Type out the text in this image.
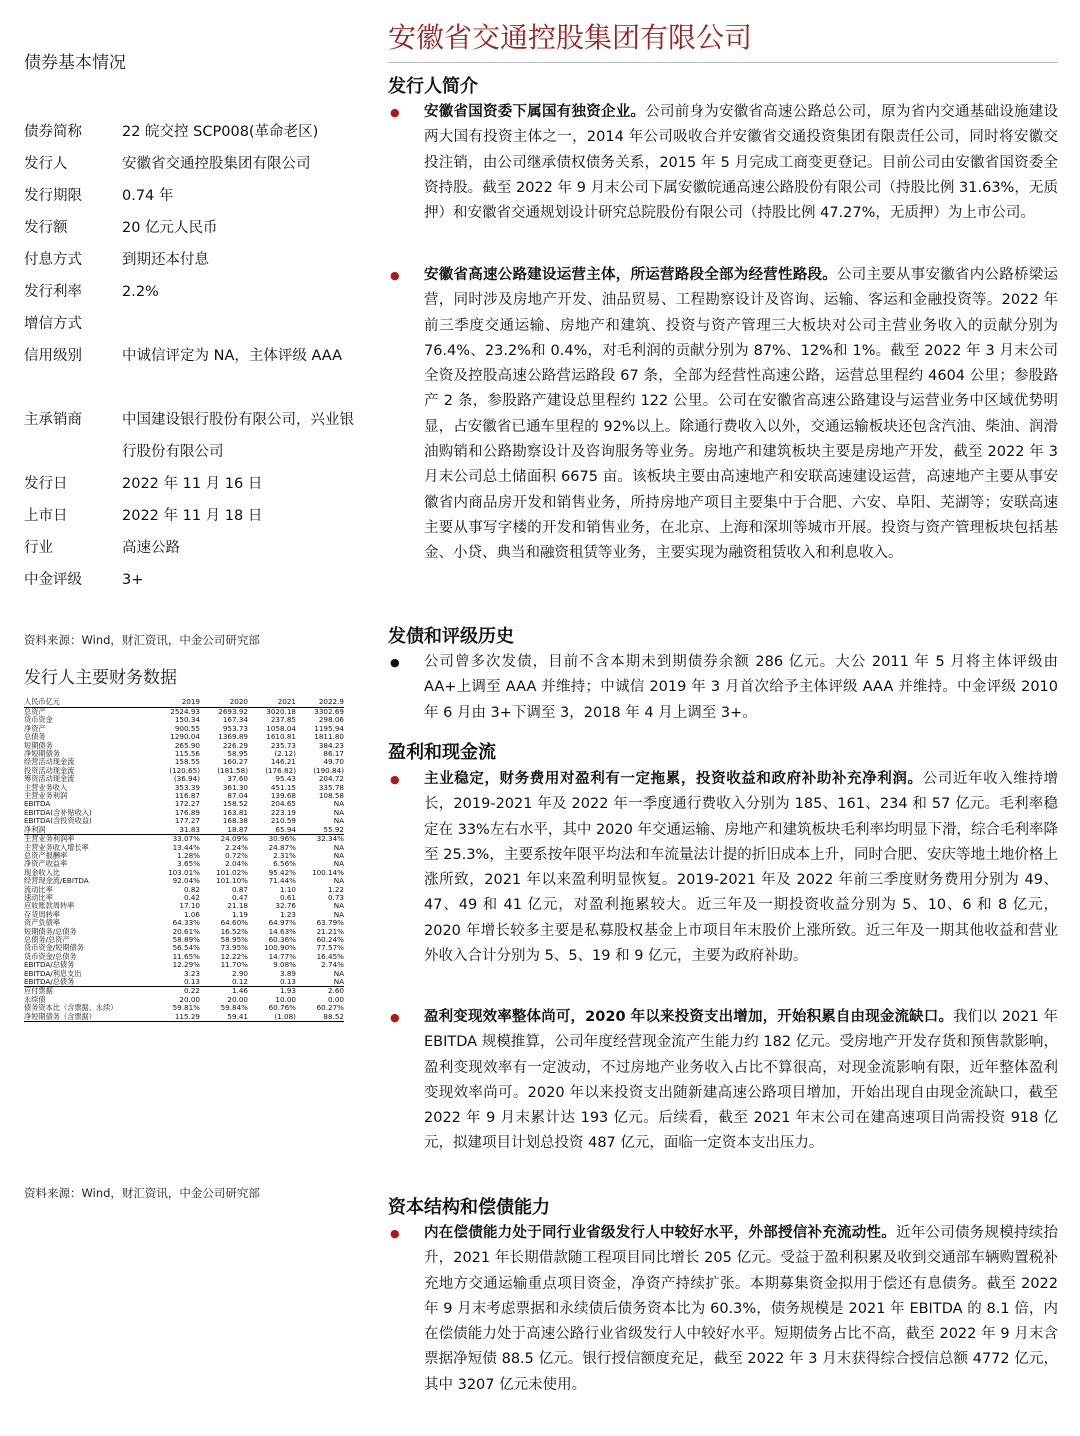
债券基本情况
债券简称	22 皖交控 SCP008(革命老区)
发行人	安徽省交通控股集团有限公司
发行期限	0.74 年
发行额	20 亿元人民币
付息方式	到期还本付息
发行利率	2.2%
增信方式
信用级别	中诚信评定为 NA，主体评级 AAA
主承销商	中国建设银行股份有限公司，兴业银行股份有限公司
发行日	2022 年 11 月 16 日
上市日	2022 年 11 月 18 日
行业	高速公路
中金评级	3+
资料来源：Wind，财汇资讯，中金公司研究部
发行人主要财务数据
人民币亿元	2019	2020	2021	2022.9
总资产	2524.93	2693.92	3020.18	3302.69
货币资金	150.34	167.34	237.85	298.06
净资产	900.55	953.73	1058.04	1195.94
总债务	1290.04	1369.89	1610.81	1811.80
短期债务	265.90	226.29	235.73	384.23
净短期债务	115.56	58.95	(2.12)	86.17
经营活动现金流	158.55	160.27	146.21	49.70
投资活动现金流	(120.65)	(181.58)	(176.82)	(190.84)
筹资活动现金流	(36.94)	37.60	95.43	204.72
主营业务收入	353.39	361.30	451.15	335.78
主营业务利润	116.87	87.04	139.68	108.58
EBITDA	172.27	158.52	204.65	NA
EBITDA(含补贴收入)	176.89	163.81	223.19	NA
EBITDA(含投资收益)	177.27	168.38	210.59	NA
净利润	31.83	18.87	65.94	55.92
主营业务利润率	33.07%	24.09%	30.96%	32.34%
主营业务收入增长率	13.44%	2.24%	24.87%	NA
总资产报酬率	1.28%	0.72%	2.31%	NA
净资产收益率	3.65%	2.04%	6.56%	NA
现金收入比	103.01%	101.02%	95.42%	100.14%
经营现金流/EBITDA	92.04%	101.10%	71.44%	NA
流动比率	0.82	0.87	1.10	1.22
速动比率	0.42	0.47	0.61	0.73
应收账款周转率	17.10	21.18	32.76	NA
存货周转率	1.06	1.19	1.23	NA
资产负债率	64.33%	64.60%	64.97%	63.79%
短期债务/总债务	20.61%	16.52%	14.63%	21.21%
总债务/总资产	58.89%	58.95%	60.36%	60.24%
货币资金/短期债务	56.54%	73.95%	100.90%	77.57%
货币资金/总债务	11.65%	12.22%	14.77%	16.45%
EBITDA/总债务	12.29%	11.70%	9.08%	2.74%
EBITDA/利息支出	3.23	2.90	3.89	NA
EBITDA/总债务	0.13	0.12	0.13	NA
应付票据	0.22	1.46	1.93	2.60
永续债	20.00	20.00	10.00	0.00
债务资本比（含票据、永续）	59.81%	59.84%	60.76%	60.27%
净短期债务（含票据）	115.29	59.41	(1.08)	88.52
资料来源：Wind，财汇资讯，中金公司研究部
安徽省交通控股集团有限公司
发行人简介
● 安徽省国资委下属国有独资企业。公司前身为安徽省高速公路总公司，原为省内交通基础设施建设两大国有投资主体之一，2014 年公司吸收合并安徽省交通投资集团有限责任公司，同时将安徽交投注销，由公司继承债权债务关系，2015 年 5 月完成工商变更登记。目前公司由安徽省国资委全资持股。截至 2022 年 9 月末公司下属安徽皖通高速公路股份有限公司（持股比例 31.63%，无质押）和安徽省交通规划设计研究总院股份有限公司（持股比例 47.27%，无质押）为上市公司。
● 安徽省高速公路建设运营主体，所运营路段全部为经营性路段。公司主要从事安徽省内公路桥梁运营，同时涉及房地产开发、油品贸易、工程勘察设计及咨询、运输、客运和金融投资等。2022 年前三季度交通运输、房地产和建筑、投资与资产管理三大板块对公司主营业务收入的贡献分别为 76.4%、23.2%和 0.4%，对毛利润的贡献分别为 87%、12%和 1%。截至 2022 年 3 月末公司全资及控股高速公路营运路段 67 条，全部为经营性高速公路，运营总里程约 4604 公里；参股路产 2 条，参股路产建设总里程约 122 公里。公司在安徽省高速公路建设与运营业务中区域优势明显，占安徽省已通车里程的 92%以上。除通行费收入以外，交通运输板块还包含汽油、柴油、润滑油购销和公路勘察设计及咨询服务等业务。房地产和建筑板块主要是房地产开发，截至 2022 年 3 月末公司总土储面积 6675 亩。该板块主要由高速地产和安联高速建设运营，高速地产主要从事安徽省内商品房开发和销售业务，所持房地产项目主要集中于合肥、六安、阜阳、芜湖等；安联高速主要从事写字楼的开发和销售业务，在北京、上海和深圳等城市开展。投资与资产管理板块包括基金、小贷、典当和融资租赁等业务，主要实现为融资租赁收入和利息收入。
发债和评级历史
● 公司曾多次发债，目前不含本期未到期债券余额 286 亿元。大公 2011 年 5 月将主体评级由 AA+上调至 AAA 并维持；中诚信 2019 年 3 月首次给予主体评级 AAA 并维持。中金评级 2010 年 6 月由 3+下调至 3，2018 年 4 月上调至 3+。
盈利和现金流
● 主业稳定，财务费用对盈利有一定拖累，投资收益和政府补助补充净利润。公司近年收入维持增长，2019-2021 年及 2022 年一季度通行费收入分别为 185、161、234 和 57 亿元。毛利率稳定在 33%左右水平，其中 2020 年交通运输、房地产和建筑板块毛利率均明显下滑，综合毛利率降至 25.3%，主要系按年限平均法和车流量法计提的折旧成本上升，同时合肥、安庆等地土地价格上涨所致，2021 年以来盈利明显恢复。2019-2021 年及 2022 年前三季度财务费用分别为 49、47、49 和 41 亿元，对盈利拖累较大。近三年及一期投资收益分别为 5、10、6 和 8 亿元，2020 年增长较多主要是私募股权基金上市项目年末股价上涨所致。近三年及一期其他收益和营业外收入合计分别为 5、5、19 和 9 亿元，主要为政府补助。
● 盈利变现效率整体尚可，2020 年以来投资支出增加，开始积累自由现金流缺口。我们以 2021 年 EBITDA 规模推算，公司年度经营现金流产生能力约 182 亿元。受房地产开发存货和预售款影响，盈利变现效率有一定波动，不过房地产业务收入占比不算很高，对现金流影响有限，近年整体盈利变现效率尚可。2020 年以来投资支出随新建高速公路项目增加，开始出现自由现金流缺口，截至 2022 年 9 月末累计达 193 亿元。后续看，截至 2021 年末公司在建高速项目尚需投资 918 亿元，拟建项目计划总投资 487 亿元，面临一定资本支出压力。
资本结构和偿债能力
● 内在偿债能力处于同行业省级发行人中较好水平，外部授信补充流动性。近年公司债务规模持续抬升，2021 年长期借款随工程项目同比增长 205 亿元。受益于盈利积累及收到交通部车辆购置税补充地方交通运输重点项目资金，净资产持续扩张。本期募集资金拟用于偿还有息债务。截至 2022 年 9 月末考虑票据和永续债后债务资本比为 60.3%，债务规模是 2021 年 EBITDA 的 8.1 倍，内在偿债能力处于高速公路行业省级发行人中较好水平。短期债务占比不高，截至 2022 年 9 月末含票据净短债 88.5 亿元。银行授信额度充足，截至 2022 年 3 月末获得综合授信总额 4772 亿元，其中 3207 亿元未使用。
